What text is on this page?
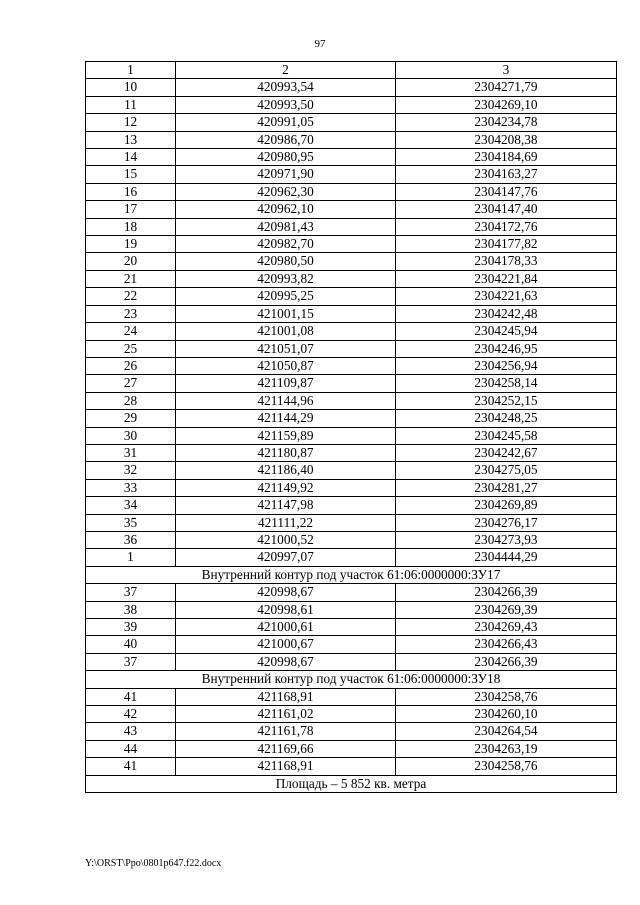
97
1	2	3
10	420993,54	2304271,79
11	420993,50	2304269,10
12	420991,05	2304234,78
13	420986,70	2304208,38
14	420980,95	2304184,69
15	420971,90	2304163,27
16	420962,30	2304147,76
17	420962,10	2304147,40
18	420981,43	2304172,76
19	420982,70	2304177,82
20	420980,50	2304178,33
21	420993,82	2304221,84
22	420995,25	2304221,63
23	421001,15	2304242,48
24	421001,08	2304245,94
25	421051,07	2304246,95
26	421050,87	2304256,94
27	421109,87	2304258,14
28	421144,96	2304252,15
29	421144,29	2304248,25
30	421159,89	2304245,58
31	421180,87	2304242,67
32	421186,40	2304275,05
33	421149,92	2304281,27
34	421147,98	2304269,89
35	421111,22	2304276,17
36	421000,52	2304273,93
1	420997,07	2304444,29
Внутренний контур под участок 61:06:0000000:ЗУ17		
37	420998,67	2304266,39
38	420998,61	2304269,39
39	421000,61	2304269,43
40	421000,67	2304266,43
37	420998,67	2304266,39
Внутренний контур под участок 61:06:0000000:ЗУ18		
41	421168,91	2304258,76
42	421161,02	2304260,10
43	421161,78	2304264,54
44	421169,66	2304263,19
41	421168,91	2304258,76
Площадь – 5 852 кв. метра		
Y:\ORST\Ppo\0801p647.f22.docx
